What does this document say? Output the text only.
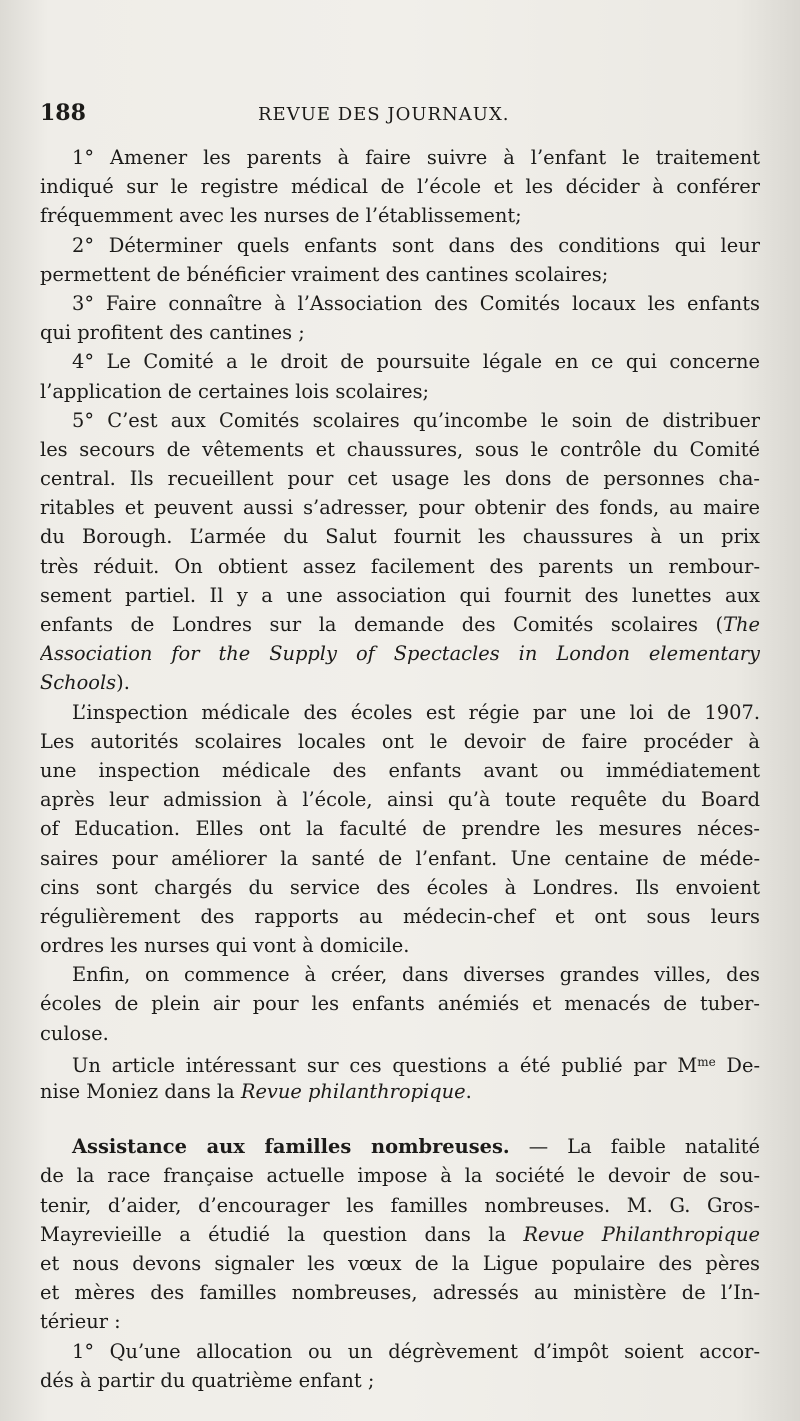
188	REVUE DES JOURNAUX.
1° Amener les parents à faire suivre à l’enfant le traitement
indiqué sur le registre médical de l’école et les décider à conférer
fréquemment avec les nurses de l’établissement;
2° Déterminer quels enfants sont dans des conditions qui leur
permettent de bénéficier vraiment des cantines scolaires;
3° Faire connaître à l’Association des Comités locaux les enfants
qui profitent des cantines ;
4° Le Comité a le droit de poursuite légale en ce qui concerne
l’application de certaines lois scolaires;
5° C’est aux Comités scolaires qu’incombe le soin de distribuer
les secours de vêtements et chaussures, sous le contrôle du Comité
central. Ils recueillent pour cet usage les dons de personnes cha-
ritables et peuvent aussi s’adresser, pour obtenir des fonds, au maire
du Borough. L’armée du Salut fournit les chaussures à un prix
très réduit. On obtient assez facilement des parents un rembour-
sement partiel. Il y a une association qui fournit des lunettes aux
enfants de Londres sur la demande des Comités scolaires (The
Association for the Supply of Spectacles in London elementary
Schools).
L’inspection médicale des écoles est régie par une loi de 1907.
Les autorités scolaires locales ont le devoir de faire procéder à
une inspection médicale des enfants avant ou immédiatement
après leur admission à l’école, ainsi qu’à toute requête du Board
of Education. Elles ont la faculté de prendre les mesures néces-
saires pour améliorer la santé de l’enfant. Une centaine de méde-
cins sont chargés du service des écoles à Londres. Ils envoient
régulièrement des rapports au médecin-chef et ont sous leurs
ordres les nurses qui vont à domicile.
Enfin, on commence à créer, dans diverses grandes villes, des
écoles de plein air pour les enfants anémiés et menacés de tuber-
culose.
Un article intéressant sur ces questions a été publié par $M^{me}$ De-
nise Moniez dans la Revue philanthropique.
Assistance aux familles nombreuses. — La faible natalité
de la race française actuelle impose à la société le devoir de sou-
tenir, d’aider, d’encourager les familles nombreuses. M. G. Gros-
Mayrevieille a étudié la question dans la Revue Philanthropique
et nous devons signaler les vœux de la Ligue populaire des pères
et mères des familles nombreuses, adressés au ministère de l’In-
térieur :
1° Qu’une allocation ou un dégrèvement d’impôt soient accor-
dés à partir du quatrième enfant ;
